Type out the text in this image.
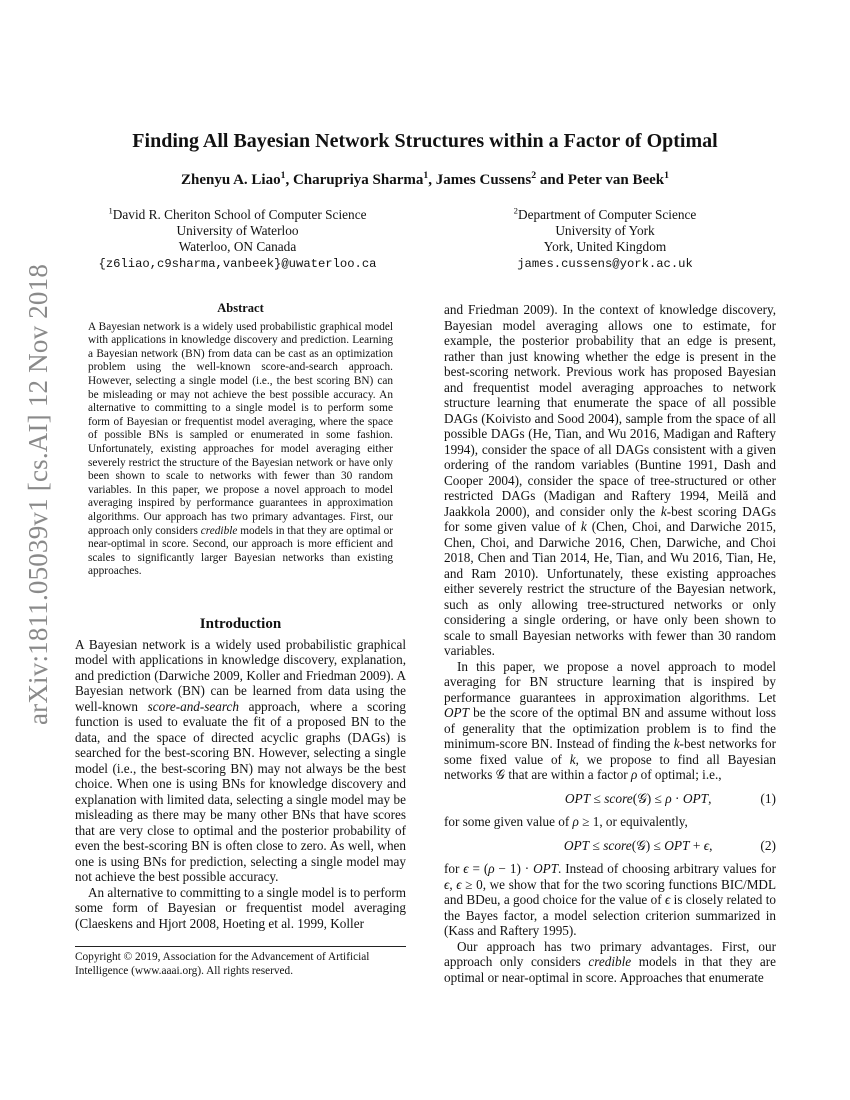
arXiv:1811.05039v1 [cs.AI] 12 Nov 2018
Finding All Bayesian Network Structures within a Factor of Optimal
Zhenyu A. Liao$^1$, Charupriya Sharma$^1$, James Cussens$^2$ and Peter van Beek$^1$
$^1$David R. Cheriton School of Computer Science
University of Waterloo
Waterloo, ON Canada
{z6liao,c9sharma,vanbeek}@uwaterloo.ca
$^2$Department of Computer Science
University of York
York, United Kingdom
james.cussens@york.ac.uk
Abstract

A Bayesian network is a widely used probabilistic graphical model with applications in knowledge discovery and prediction. Learning a Bayesian network (BN) from data can be cast as an optimization problem using the well-known score-and-search approach. However, selecting a single model (i.e., the best scoring BN) can be misleading or may not achieve the best possible accuracy. An alternative to committing to a single model is to perform some form of Bayesian or frequentist model averaging, where the space of possible BNs is sampled or enumerated in some fashion. Unfortunately, existing approaches for model averaging either severely restrict the structure of the Bayesian network or have only been shown to scale to networks with fewer than 30 random variables. In this paper, we propose a novel approach to model averaging inspired by performance guarantees in approximation algorithms. Our approach has two primary advantages. First, our approach only considers credible models in that they are optimal or near-optimal in score. Second, our approach is more efficient and scales to significantly larger Bayesian networks than existing approaches.

Introduction

A Bayesian network is a widely used probabilistic graphical model with applications in knowledge discovery, explanation, and prediction (Darwiche 2009, Koller and Friedman 2009). A Bayesian network (BN) can be learned from data using the well-known score-and-search approach, where a scoring function is used to evaluate the fit of a proposed BN to the data, and the space of directed acyclic graphs (DAGs) is searched for the best-scoring BN. However, selecting a single model (i.e., the best-scoring BN) may not always be the best choice. When one is using BNs for knowledge discovery and explanation with limited data, selecting a single model may be misleading as there may be many other BNs that have scores that are very close to optimal and the posterior probability of even the best-scoring BN is often close to zero. As well, when one is using BNs for prediction, selecting a single model may not achieve the best possible accuracy.

An alternative to committing to a single model is to perform some form of Bayesian or frequentist model averaging (Claeskens and Hjort 2008, Hoeting et al. 1999, Koller

Copyright © 2019, Association for the Advancement of Artificial Intelligence (www.aaai.org). All rights reserved.

and Friedman 2009). In the context of knowledge discovery, Bayesian model averaging allows one to estimate, for example, the posterior probability that an edge is present, rather than just knowing whether the edge is present in the best-scoring network. Previous work has proposed Bayesian and frequentist model averaging approaches to network structure learning that enumerate the space of all possible DAGs (Koivisto and Sood 2004), sample from the space of all possible DAGs (He, Tian, and Wu 2016, Madigan and Raftery 1994), consider the space of all DAGs consistent with a given ordering of the random variables (Buntine 1991, Dash and Cooper 2004), consider the space of tree-structured or other restricted DAGs (Madigan and Raftery 1994, Meilă and Jaakkola 2000), and consider only the k-best scoring DAGs for some given value of k (Chen, Choi, and Darwiche 2015, Chen, Choi, and Darwiche 2016, Chen, Darwiche, and Choi 2018, Chen and Tian 2014, He, Tian, and Wu 2016, Tian, He, and Ram 2010). Unfortunately, these existing approaches either severely restrict the structure of the Bayesian network, such as only allowing tree-structured networks or only considering a single ordering, or have only been shown to scale to small Bayesian networks with fewer than 30 random variables.

In this paper, we propose a novel approach to model averaging for BN structure learning that is inspired by performance guarantees in approximation algorithms. Let OPT be the score of the optimal BN and assume without loss of generality that the optimization problem is to find the minimum-score BN. Instead of finding the k-best networks for some fixed value of k, we propose to find all Bayesian networks 𝒢 that are within a factor ρ of optimal; i.e.,

OPT ≤ score(𝒢) ≤ ρ · OPT,	(1)

for some given value of ρ ≥ 1, or equivalently,

OPT ≤ score(𝒢) ≤ OPT + ϵ,	(2)

for ϵ = (ρ − 1) · OPT. Instead of choosing arbitrary values for ϵ, ϵ ≥ 0, we show that for the two scoring functions BIC/MDL and BDeu, a good choice for the value of ϵ is closely related to the Bayes factor, a model selection criterion summarized in (Kass and Raftery 1995).

Our approach has two primary advantages. First, our approach only considers credible models in that they are optimal or near-optimal in score. Approaches that enumerate
